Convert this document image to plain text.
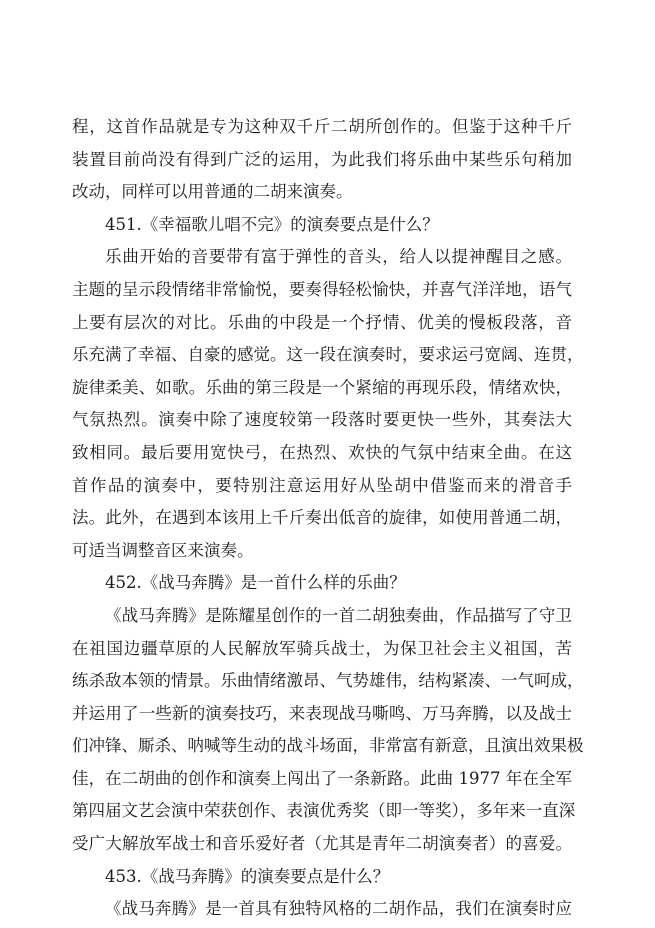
程，这首作品就是专为这种双千斤二胡所创作的。但鉴于这种千斤
装置目前尚没有得到广泛的运用，为此我们将乐曲中某些乐句稍加
改动，同样可以用普通的二胡来演奏。
451.《幸福歌儿唱不完》的演奏要点是什么？
乐曲开始的音要带有富于弹性的音头，给人以提神醒目之感。
主题的呈示段情绪非常愉悦，要奏得轻松愉快，并喜气洋洋地，语气
上要有层次的对比。乐曲的中段是一个抒情、优美的慢板段落，音
乐充满了幸福、自豪的感觉。这一段在演奏时，要求运弓宽阔、连贯，
旋律柔美、如歌。乐曲的第三段是一个紧缩的再现乐段，情绪欢快，
气氛热烈。演奏中除了速度较第一段落时要更快一些外，其奏法大
致相同。最后要用宽快弓，在热烈、欢快的气氛中结束全曲。在这
首作品的演奏中，要特别注意运用好从坠胡中借鉴而来的滑音手
法。此外，在遇到本该用上千斤奏出低音的旋律，如使用普通二胡，
可适当调整音区来演奏。
452.《战马奔腾》是一首什么样的乐曲？
《战马奔腾》是陈耀星创作的一首二胡独奏曲，作品描写了守卫
在祖国边疆草原的人民解放军骑兵战士，为保卫社会主义祖国，苦
练杀敌本领的情景。乐曲情绪激昂、气势雄伟，结构紧凑、一气呵成，
并运用了一些新的演奏技巧，来表现战马嘶鸣、万马奔腾，以及战士
们冲锋、厮杀、呐喊等生动的战斗场面，非常富有新意，且演出效果极
佳，在二胡曲的创作和演奏上闯出了一条新路。此曲 1977 年在全军
第四届文艺会演中荣获创作、表演优秀奖（即一等奖），多年来一直深
受广大解放军战士和音乐爱好者（尤其是青年二胡演奏者）的喜爱。
453.《战马奔腾》的演奏要点是什么？
《战马奔腾》是一首具有独特风格的二胡作品，我们在演奏时应
